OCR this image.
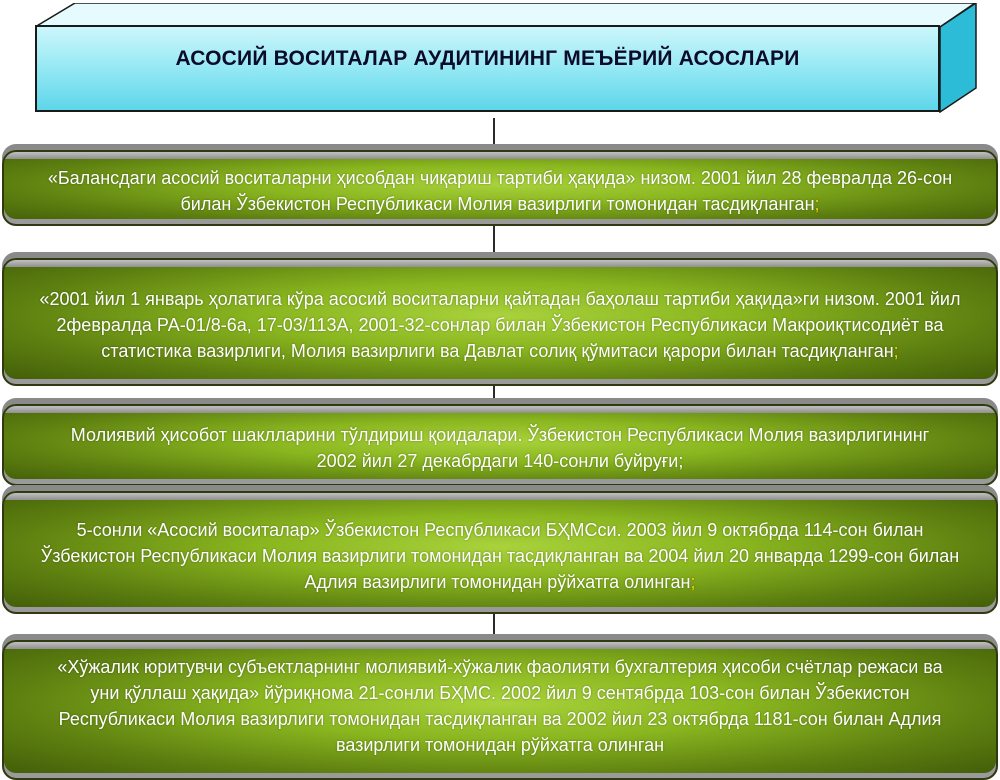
АСОСИЙ ВОСИТАЛАР АУДИТИНИНГ МЕЪЁРИЙ АСОСЛАРИ
«Балансдаги асосий воситаларни ҳисобдан чиқариш тартиби ҳақида» низом. 2001 йил 28 февралда 26-сон билан Ўзбекистон Республикаси Молия вазирлиги томонидан тасдиқланган;
«2001 йил 1 январь ҳолатига кўра асосий воситаларни қайтадан баҳолаш тартиби ҳақида»ги низом. 2001 йил 2февралда РА-01/8-6а, 17-03/113А, 2001-32-сонлар билан Ўзбекистон Республикаси Макроиқтисодиёт ва статистика вазирлиги, Молия вазирлиги ва Давлат солиқ қўмитаси қарори билан тасдиқланган;
Молиявий ҳисобот шаклларини тўлдириш қоидалари. Ўзбекистон Республикаси Молия вазирлигининг 2002 йил 27 декабрдаги 140-сонли буйруғи;
5-сонли «Асосий воситалар» Ўзбекистон Республикаси БҲМСси. 2003 йил 9 октябрда 114-сон билан Ўзбекистон Республикаси Молия вазирлиги томонидан тасдиқланган ва 2004 йил 20 январда 1299-сон билан Адлия вазирлиги томонидан рўйхатга олинган;
«Хўжалик юритувчи субъектларнинг молиявий-хўжалик фаолияти бухгалтерия ҳисоби счётлар режаси ва уни қўллаш ҳақида» йўриқнома 21-сонли БҲМС. 2002 йил 9 сентябрда 103-сон билан Ўзбекистон Республикаси Молия вазирлиги томонидан тасдиқланган ва 2002 йил 23 октябрда 1181-сон билан Адлия вазирлиги томонидан рўйхатга олинган
